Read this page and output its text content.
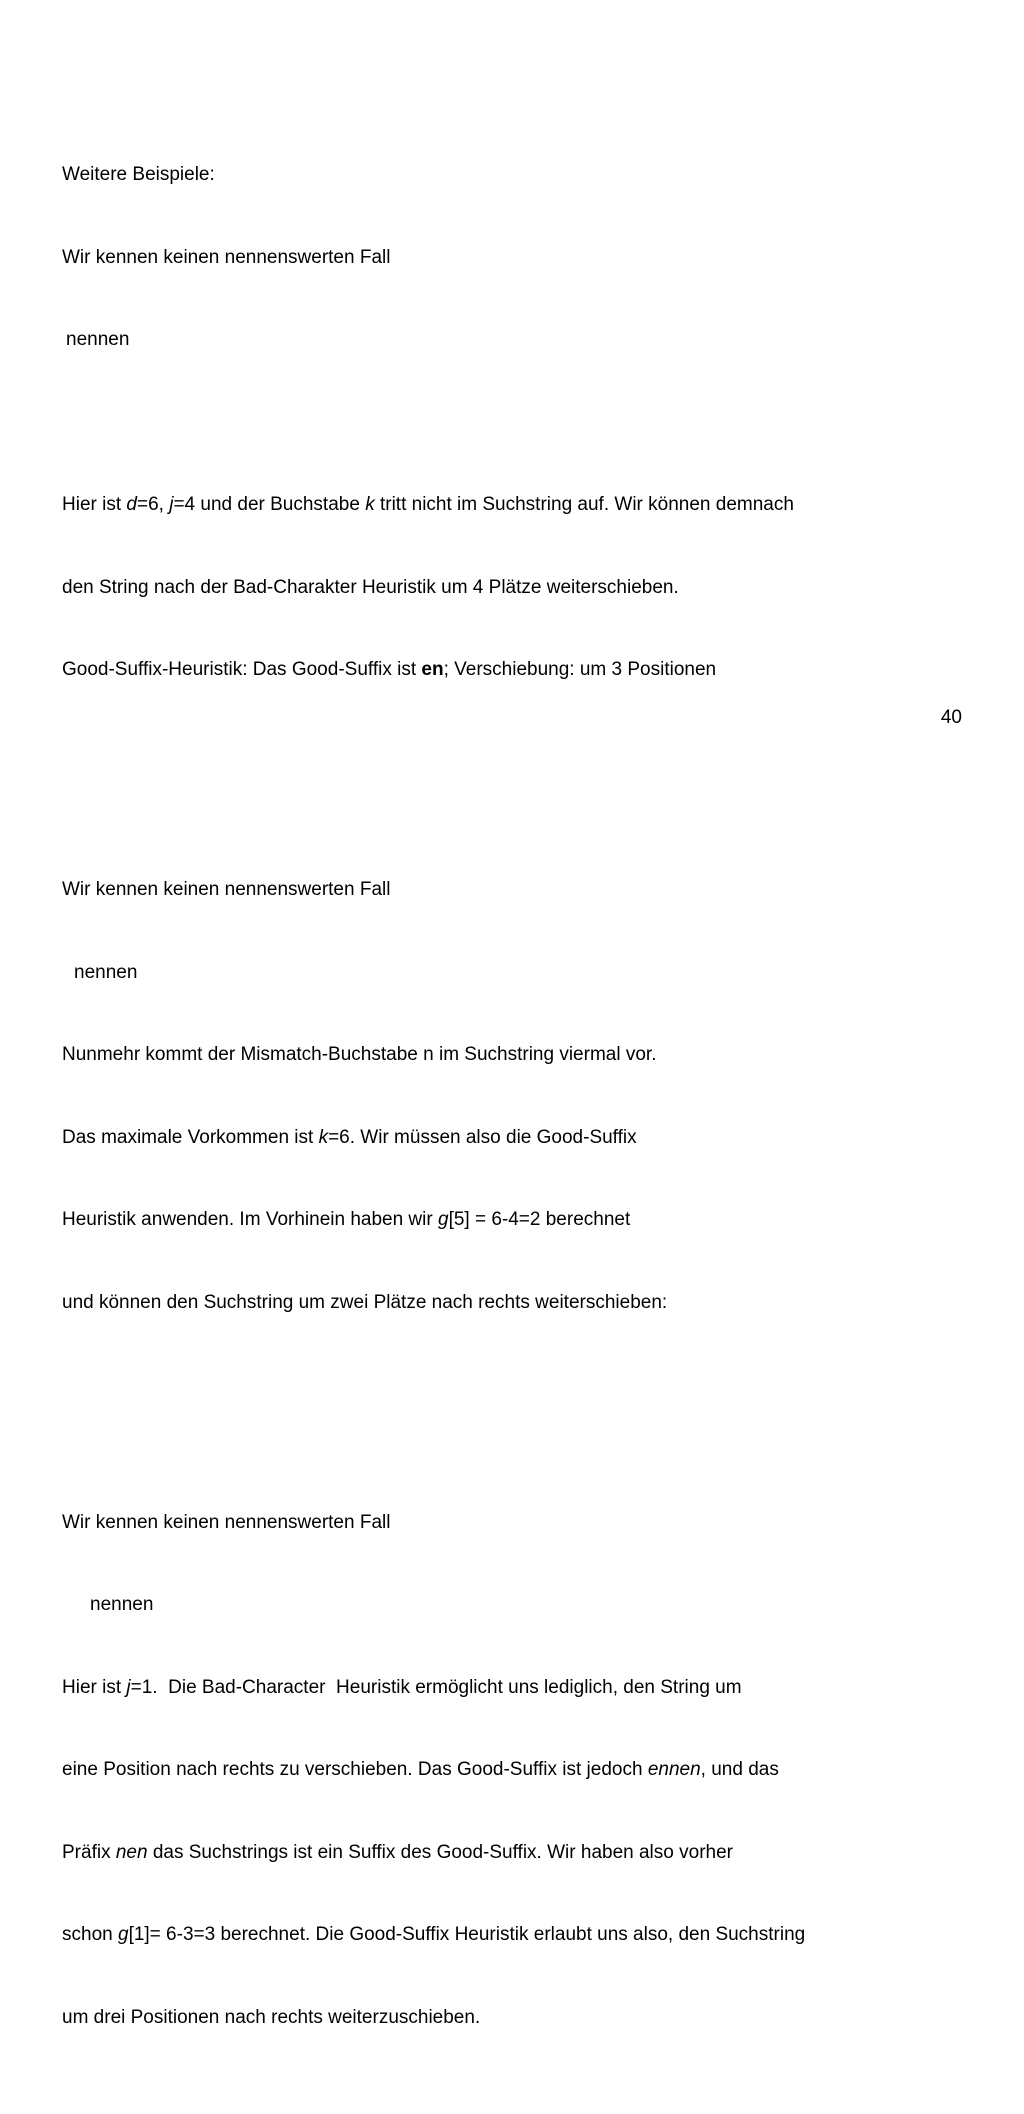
Weitere Beispiele:

Wir kennen keinen nennenswerten Fall

nennen

Hier ist d=6, j=4 und der Buchstabe k tritt nicht im Suchstring auf. Wir können demnach

den String nach der Bad-Charakter Heuristik um 4 Plätze weiterschieben.

Good-Suffix-Heuristik: Das Good-Suffix ist en; Verschiebung: um 3 Positionen

Wir kennen keinen nennenswerten Fall

nennen

Nunmehr kommt der Mismatch-Buchstabe n im Suchstring viermal vor.

Das maximale Vorkommen ist k=6. Wir müssen also die Good-Suffix

Heuristik anwenden. Im Vorhinein haben wir g[5] = 6-4=2 berechnet

und können den Suchstring um zwei Plätze nach rechts weiterschieben:

Wir kennen keinen nennenswerten Fall

nennen

Hier ist j=1.  Die Bad-Character  Heuristik ermöglicht uns lediglich, den String um

eine Position nach rechts zu verschieben. Das Good-Suffix ist jedoch ennen, und das

Präfix nen das Suchstrings ist ein Suffix des Good-Suffix. Wir haben also vorher

schon g[1]= 6-3=3 berechnet. Die Good-Suffix Heuristik erlaubt uns also, den Suchstring

um drei Positionen nach rechts weiterzuschieben.

40
